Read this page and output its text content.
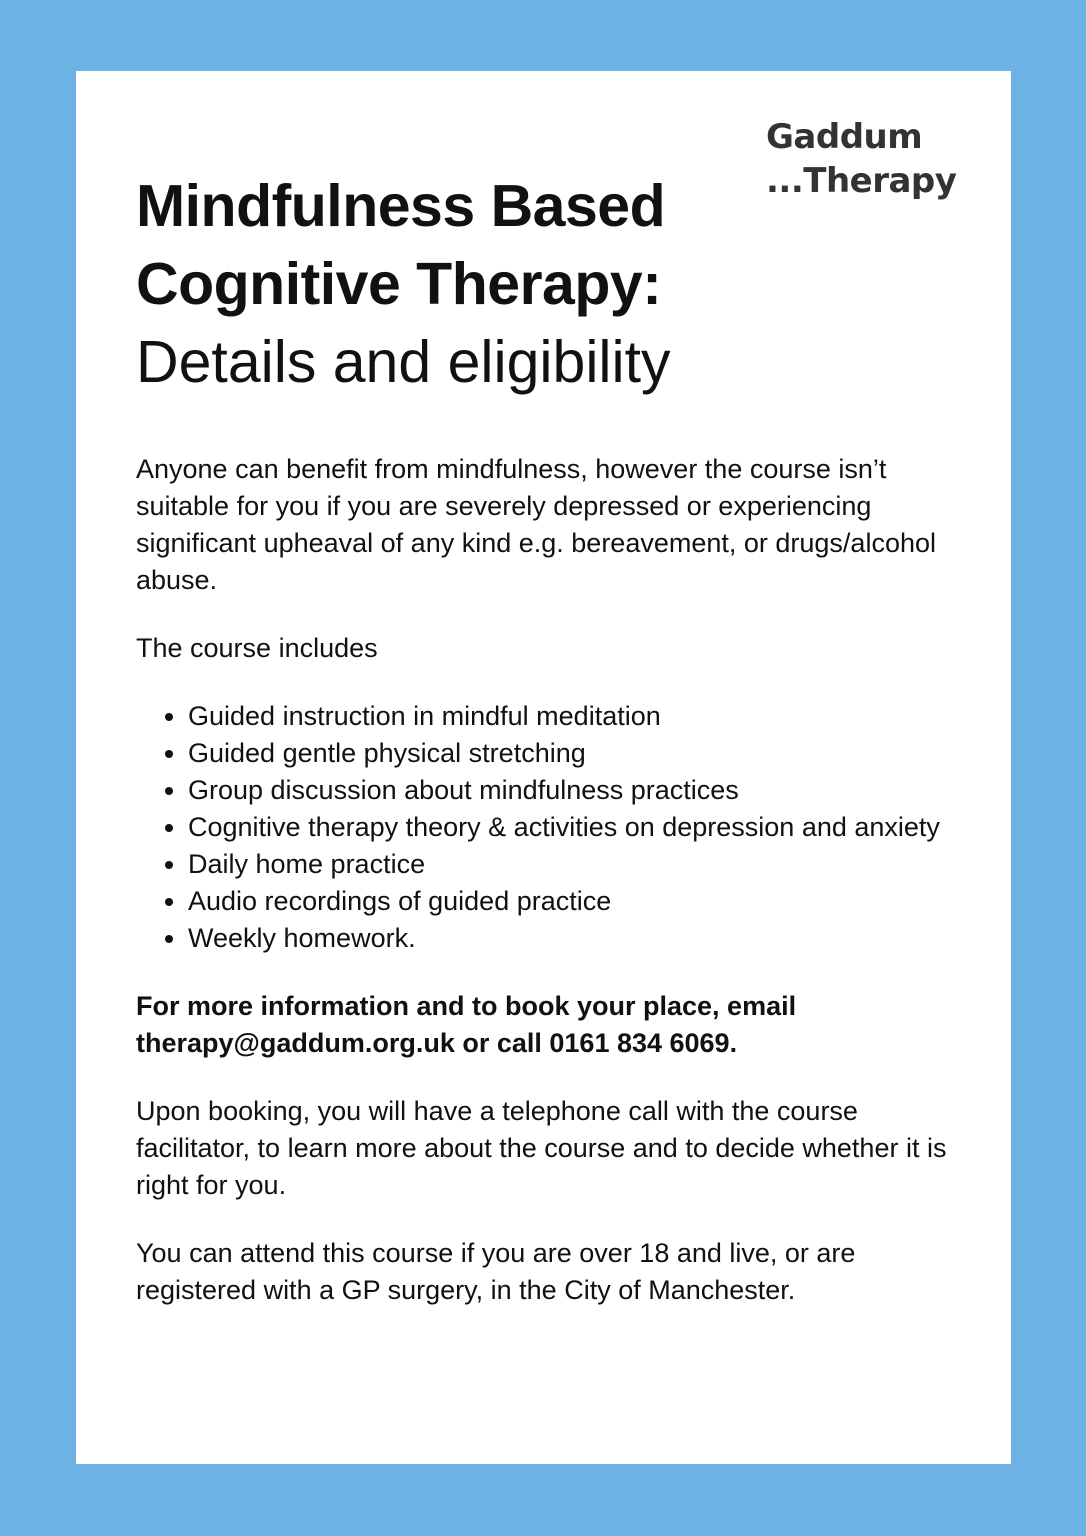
Gaddum
...Therapy
Mindfulness Based
Cognitive Therapy:
Details and eligibility

Anyone can benefit from mindfulness, however the course isn’t suitable for you if you are severely depressed or experiencing significant upheaval of any kind e.g. bereavement, or drugs/alcohol abuse.

The course includes

• Guided instruction in mindful meditation
• Guided gentle physical stretching
• Group discussion about mindfulness practices
• Cognitive therapy theory & activities on depression and anxiety
• Daily home practice
• Audio recordings of guided practice
• Weekly homework.

For more information and to book your place, email therapy@gaddum.org.uk or call 0161 834 6069.

Upon booking, you will have a telephone call with the course facilitator, to learn more about the course and to decide whether it is right for you.

You can attend this course if you are over 18 and live, or are registered with a GP surgery, in the City of Manchester.
